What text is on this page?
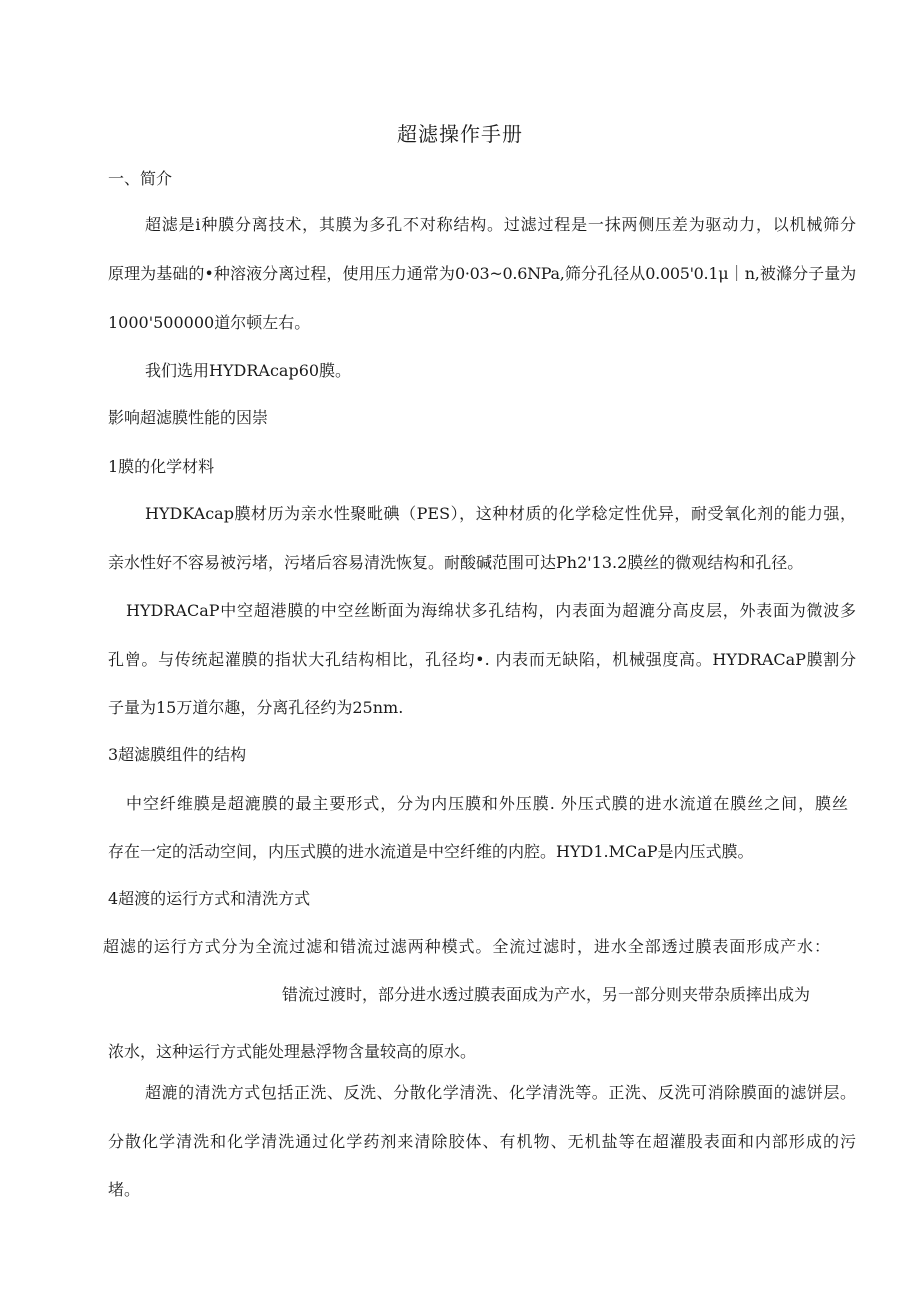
超滤操作手册

一、简介

超滤是i种膜分离技术，其膜为多孔不对称结构。过滤过程是一抹两侧压差为驱动力，以机械筛分

原理为基础的•种溶液分离过程，使用压力通常为0·03~0.6NPa,筛分孔径从0.005'0.1μ｜n,被滌分子量为

1000'500000道尔顿左右。

我们选用HYDRAcap60膜。

影响超滤膜性能的因崇

1膜的化学材料

HYDKAcap膜材历为亲水性聚毗碘（PES），这种材质的化学稔定性优异，耐受氧化剂的能力强，

亲水性好不容易被污堵，污堵后容易清洗恢复。耐酸碱范围可达Ph2'13.2膜丝的微观结构和孔径。

HYDRACaP中空超港膜的中空丝断面为海绵状多孔结构，内表面为超漉分高皮层，外表面为微波多

孔曾。与传统起灌膜的指状大孔结构相比，孔径均•. 内表而无缺陷，机械强度高。HYDRACaP膜割分

子量为15万道尔趣，分离孔径约为25nm.

3超滤膜组件的结构

中空纤维膜是超漉膜的最主要形式，分为内压膜和外压膜. 外压式膜的进水流道在膜丝之间，膜丝

存在一定的活动空间，内压式膜的进水流道是中空纤维的内腔。HYD1.MCaP是内压式膜。

4超渡的运行方式和清洗方式

超滤的运行方式分为全流过滤和错流过滤两种模式。全流过滤时，进水全部透过膜表面形成产水：

错流过渡时，部分进水透过膜表面成为产水，另一部分则夹带杂质摔出成为

浓水，这种运行方式能处理悬浮物含量较高的原水。

超漉的清洗方式包括正洗、反洗、分散化学清洗、化学清洗等。正洗、反洗可消除膜面的滤饼层。

分散化学清洗和化学清洗通过化学药剂来清除胶体、有机物、无机盐等在超灌股表面和内部形成的污

堵。
